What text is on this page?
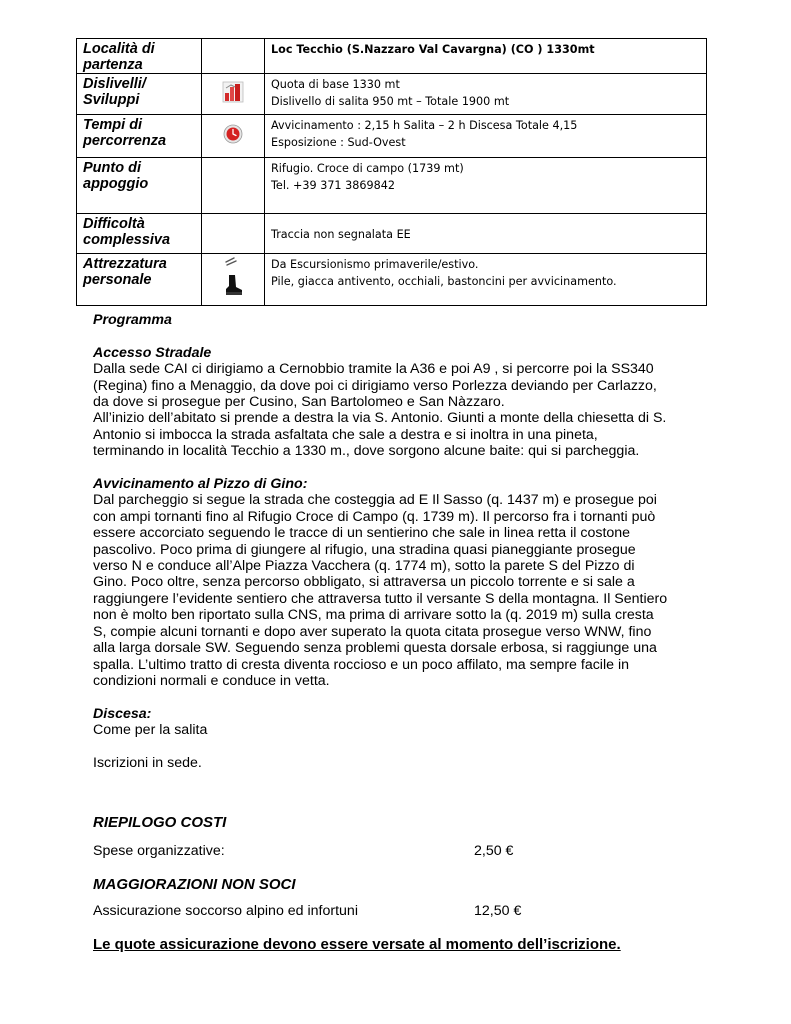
Località di partenza		Loc Tecchio (S.Nazzaro Val Cavargna) (CO ) 1330mt

Dislivelli/ Sviluppi		Quota di base 1330 mt
Dislivello di salita 950 mt – Totale 1900 mt

Tempi di percorrenza		Avvicinamento : 2,15 h Salita – 2 h Discesa Totale 4,15
Esposizione : Sud-Ovest

Punto di appoggio		Rifugio. Croce di campo (1739 mt)
Tel. +39 371 3869842

Difficoltà complessiva		Traccia non segnalata EE

Attrezzatura personale		Da Escursionismo primaverile/estivo.
Pile, giacca antivento, occhiali, bastoncini per avvicinamento.

Programma

Accesso Stradale

Dalla sede CAI ci dirigiamo a Cernobbio tramite la A36 e poi A9 , si percorre poi la SS340

(Regina) fino a Menaggio, da dove poi ci dirigiamo verso Porlezza deviando per Carlazzo,

da dove si prosegue per Cusino, San Bartolomeo e San Nàzzaro.

All’inizio dell’abitato si prende a destra la via S. Antonio. Giunti a monte della chiesetta di S.

Antonio si imbocca la strada asfaltata che sale a destra e si inoltra in una pineta,

terminando in località Tecchio a 1330 m., dove sorgono alcune baite: qui si parcheggia.

Avvicinamento al Pizzo di Gino:

Dal parcheggio si segue la strada che costeggia ad E Il Sasso (q. 1437 m) e prosegue poi

con ampi tornanti fino al Rifugio Croce di Campo (q. 1739 m). Il percorso fra i tornanti può

essere accorciato seguendo le tracce di un sentierino che sale in linea retta il costone

pascolivo. Poco prima di giungere al rifugio, una stradina quasi pianeggiante prosegue

verso N e conduce all’Alpe Piazza Vacchera (q. 1774 m), sotto la parete S del Pizzo di

Gino. Poco oltre, senza percorso obbligato, si attraversa un piccolo torrente e si sale a

raggiungere l’evidente sentiero che attraversa tutto il versante S della montagna. Il Sentiero

non è molto ben riportato sulla CNS, ma prima di arrivare sotto la (q. 2019 m) sulla cresta

S, compie alcuni tornanti e dopo aver superato la quota citata prosegue verso WNW, fino

alla larga dorsale SW. Seguendo senza problemi questa dorsale erbosa, si raggiunge una

spalla. L’ultimo tratto di cresta diventa roccioso e un poco affilato, ma sempre facile in

condizioni normali e conduce in vetta.

Discesa:

Come per la salita

Iscrizioni in sede.

RIEPILOGO COSTI
Spese organizzative:	2,50 €
MAGGIORAZIONI NON SOCI
Assicurazione soccorso alpino ed infortuni	12,50 €
Le quote assicurazione devono essere versate al momento dell’iscrizione.
